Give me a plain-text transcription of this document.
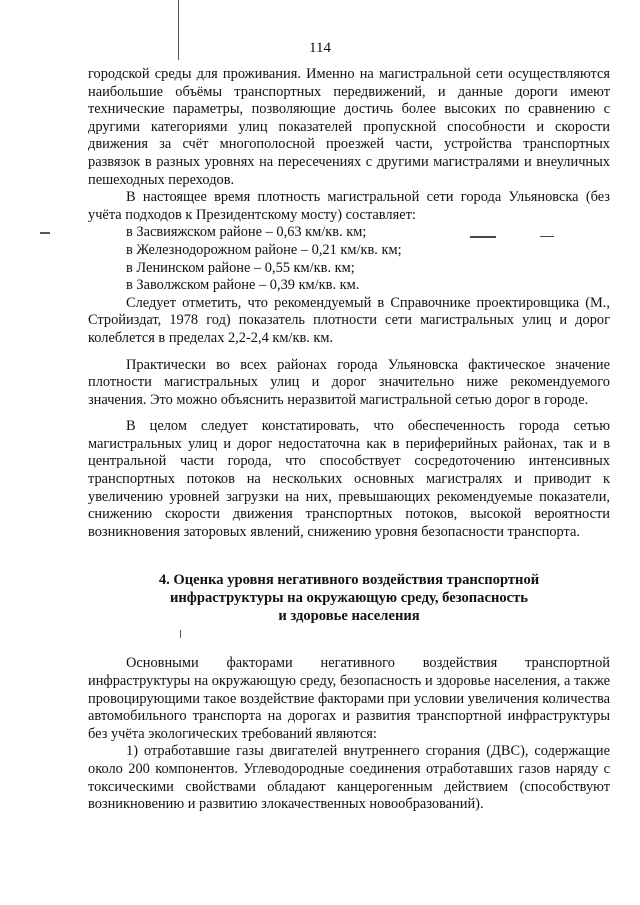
114

городской среды для проживания. Именно на магистральной сети осуществляются наибольшие объёмы транспортных передвижений, и данные дороги имеют технические параметры, позволяющие достичь более высоких по сравнению с другими категориями улиц показателей пропускной способности и скорости движения за счёт многополосной проезжей части, устройства транспортных развязок в разных уровнях на пересечениях с другими магистралями и внеуличных пешеходных переходов.

В настоящее время плотность магистральной сети города Ульяновска (без учёта подходов к Президентскому мосту) составляет:

в Засвияжском районе – 0,63 км/кв. км;

в Железнодорожном районе – 0,21 км/кв. км;

в Ленинском районе – 0,55 км/кв. км;

в Заволжском районе – 0,39 км/кв. км.

Следует отметить, что рекомендуемый в Справочнике проектировщика (М., Стройиздат, 1978 год) показатель плотности сети магистральных улиц и дорог колеблется в пределах 2,2-2,4 км/кв. км.

Практически во всех районах города Ульяновска фактическое значение плотности магистральных улиц и дорог значительно ниже рекомендуемого значения. Это можно объяснить неразвитой магистральной сетью дорог в городе.

В целом следует констатировать, что обеспеченность города сетью магистральных улиц и дорог недостаточна как в периферийных районах, так и в центральной части города, что способствует сосредоточению интенсивных транспортных потоков на нескольких основных магистралях и приводит к увеличению уровней загрузки на них, превышающих рекомендуемые показатели, снижению скорости движения транспортных потоков, высокой вероятности возникновения заторовых явлений, снижению уровня безопасности транспорта.

4. Оценка уровня негативного воздействия транспортной
инфраструктуры на окружающую среду, безопасность
и здоровье населения

Основными факторами негативного воздействия транспортной инфраструктуры на окружающую среду, безопасность и здоровье населения, а также провоцирующими такое воздействие факторами при условии увеличения количества автомобильного транспорта на дорогах и развития транспортной инфраструктуры без учёта экологических требований являются:

1) отработавшие газы двигателей внутреннего сгорания (ДВС), содержащие около 200 компонентов. Углеводородные соединения отработавших газов наряду с токсическими свойствами обладают канцерогенным действием (способствуют возникновению и развитию злокачественных новообразований).
